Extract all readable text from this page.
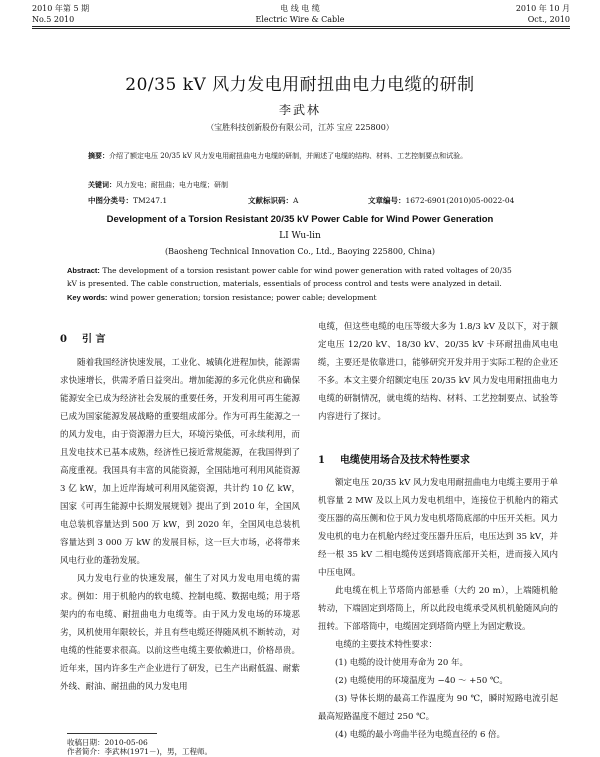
2010 年第 5 期
No.5 2010
电 线 电 缆
Electric Wire & Cable
2010 年 10 月
Oct., 2010
20/35 kV 风力发电用耐扭曲电力电缆的研制
李武林
（宝胜科技创新股份有限公司，江苏 宝应 225800）
摘要：介绍了额定电压 20/35 kV 风力发电用耐扭曲电力电缆的研制，并阐述了电缆的结构、材料、工艺控制要点和试验。
关键词：风力发电；耐扭曲；电力电缆；研制
中图分类号：TM247.1	文献标识码：A	文章编号：1672-6901(2010)05-0022-04
Development of a Torsion Resistant 20/35 kV Power Cable for Wind Power Generation
LI Wu-lin
(Baosheng Technical Innovation Co., Ltd., Baoying 225800, China)
Abstract: The development of a torsion resistant power cable for wind power generation with rated voltages of 20/35 kV is presented. The cable construction, materials, essentials of process control and tests were analyzed in detail.
Key words: wind power generation; torsion resistance; power cable; development
0 引 言

随着我国经济快速发展，工业化、城镇化进程加快，能源需求快速增长，供需矛盾日益突出。增加能源的多元化供应和确保能源安全已成为经济社会发展的重要任务，开发利用可再生能源已成为国家能源发展战略的重要组成部分。作为可再生能源之一的风力发电，由于资源潜力巨大，环境污染低，可永续利用，而且发电技术已基本成熟，经济性已接近常规能源，在我国得到了高度重视。我国具有丰富的风能资源，全国陆地可利用风能资源 3 亿 kW，加上近岸海域可利用风能资源，共计约 10 亿 kW，国家《可再生能源中长期发展规划》提出了到 2010 年，全国风电总装机容量达到 500 万 kW，到 2020 年，全国风电总装机容量达到 3 000 万 kW 的发展目标，这一巨大市场，必将带来风电行业的蓬勃发展。

风力发电行业的快速发展，催生了对风力发电用电缆的需求。例如：用于机舱内的软电缆、控制电缆、数据电缆；用于塔架内的布电缆、耐扭曲电力电缆等。由于风力发电场的环境恶劣，风机使用年限较长，并且有些电缆还得随风机不断转动，对电缆的性能要求很高。以前这些电缆主要依赖进口，价格昂贵。近年来，国内许多生产企业进行了研发，已生产出耐低温、耐紫外线、耐油、耐扭曲的风力发电用

电缆，但这些电缆的电压等级大多为 1.8/3 kV 及以下，对于额定电压 12/20 kV、18/30 kV、20/35 kV 卡环耐扭曲风电电缆，主要还是依靠进口，能够研究开发并用于实际工程的企业还不多。本文主要介绍额定电压 20/35 kV 风力发电用耐扭曲电力电缆的研制情况，就电缆的结构、材料、工艺控制要点、试验等内容进行了探讨。

1 电缆使用场合及技术特性要求

额定电压 20/35 kV 风力发电用耐扭曲电力电缆主要用于单机容量 2 MW 及以上风力发电机组中，连接位于机舱内的箱式变压器的高压侧和位于风力发电机塔筒底部的中压开关柜。风力发电机的电力在机舱内经过变压器升压后，电压达到 35 kV，并经一根 35 kV 二相电缆传送到塔筒底部开关柜，进而接入风内中压电网。

此电缆在机上节塔筒内部悬垂（大约 20 m），上端随机舱转动，下端固定到塔筒上，所以此段电缆承受风机机舱随风向的扭转。下部塔筒中，电缆固定到塔筒内壁上为固定敷设。

电缆的主要技术特性要求：

(1) 电缆的设计使用寿命为 20 年。

(2) 电缆使用的环境温度为 −40 ～ +50 ℃。

(3) 导体长期的最高工作温度为 90 ℃，瞬时短路电流引起最高短路温度不超过 250 ℃。

(4) 电缆的最小弯曲半径为电缆直径的 6 倍。

收稿日期：2010-05-06
作者简介：李武林(1971－)，男，工程师。
